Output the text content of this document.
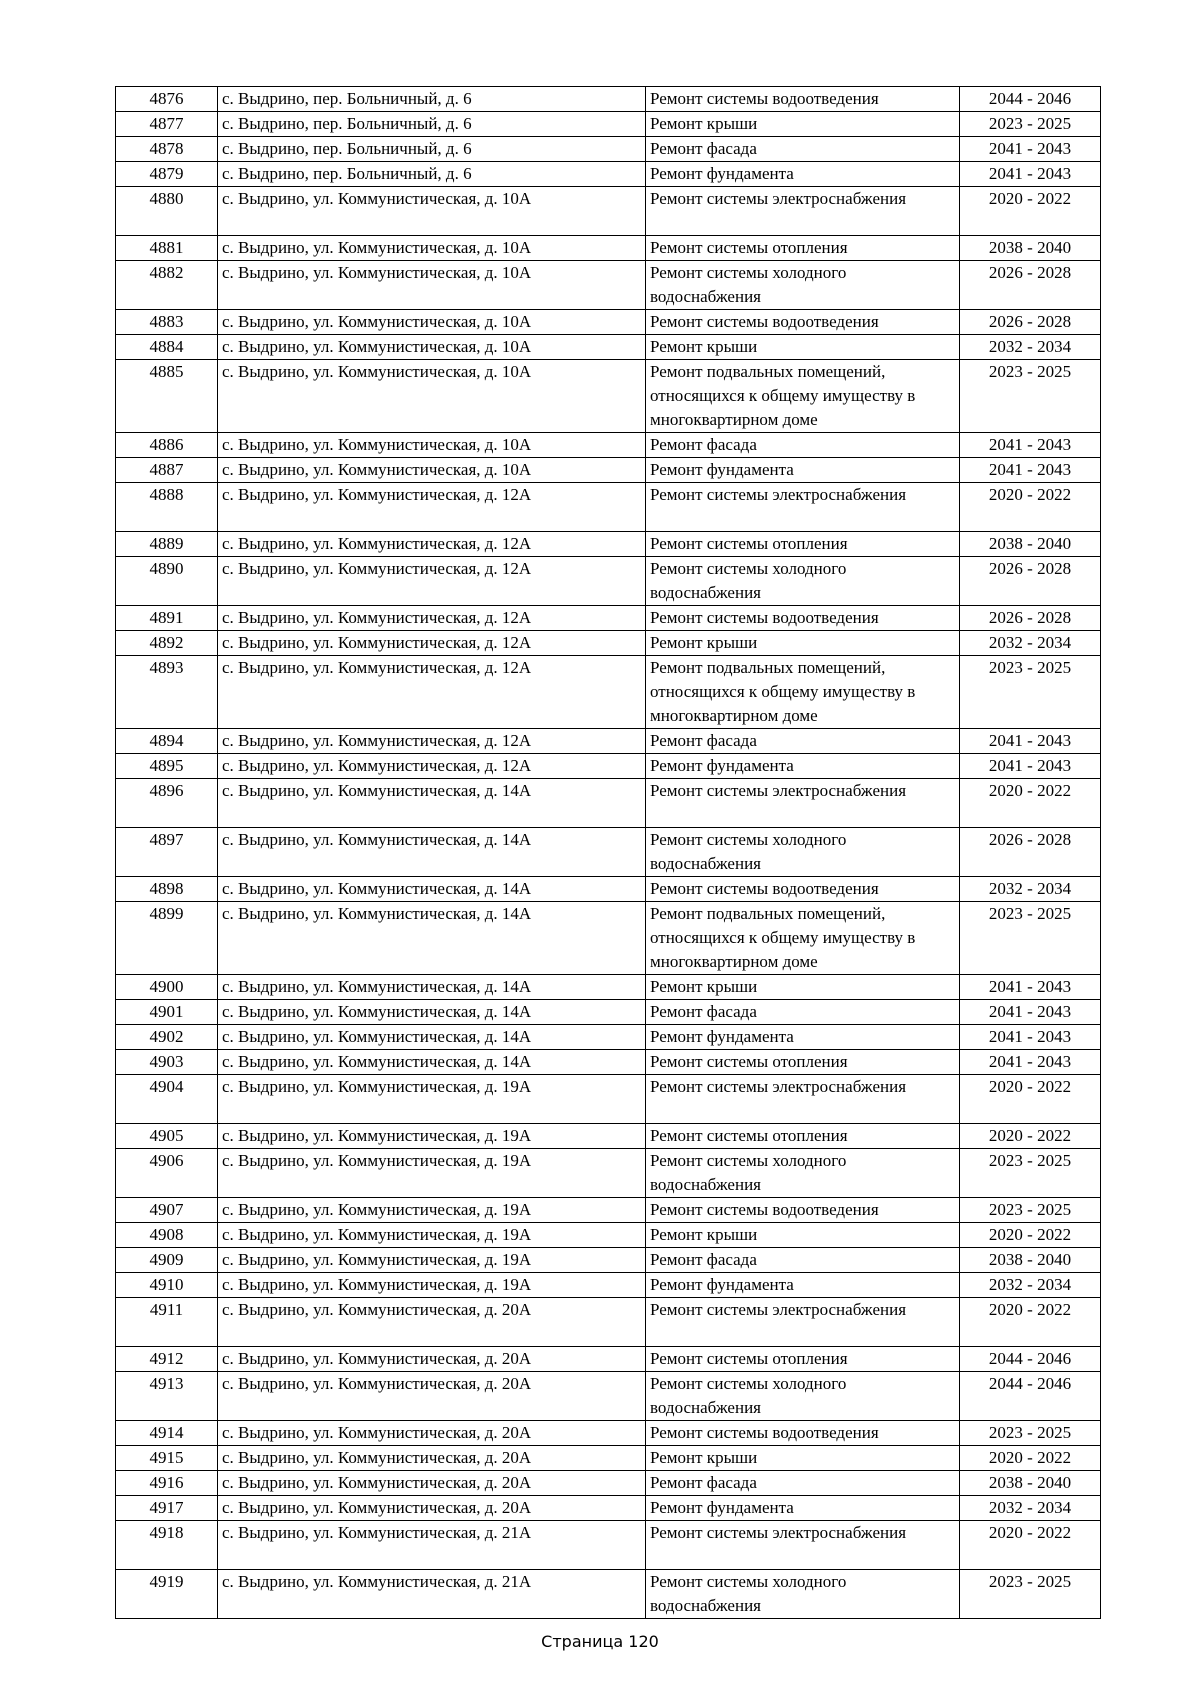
4876	с. Выдрино, пер. Больничный, д. 6	Ремонт системы водоотведения	2044 - 2046
4877	с. Выдрино, пер. Больничный, д. 6	Ремонт крыши	2023 - 2025
4878	с. Выдрино, пер. Больничный, д. 6	Ремонт фасада	2041 - 2043
4879	с. Выдрино, пер. Больничный, д. 6	Ремонт фундамента	2041 - 2043
4880	с. Выдрино, ул. Коммунистическая, д. 10А	Ремонт системы электроснабжения	2020 - 2022
4881	с. Выдрино, ул. Коммунистическая, д. 10А	Ремонт системы отопления	2038 - 2040
4882	с. Выдрино, ул. Коммунистическая, д. 10А	Ремонт системы холодного водоснабжения	2026 - 2028
4883	с. Выдрино, ул. Коммунистическая, д. 10А	Ремонт системы водоотведения	2026 - 2028
4884	с. Выдрино, ул. Коммунистическая, д. 10А	Ремонт крыши	2032 - 2034
4885	с. Выдрино, ул. Коммунистическая, д. 10А	Ремонт подвальных помещений, относящихся к общему имуществу в многоквартирном доме	2023 - 2025
4886	с. Выдрино, ул. Коммунистическая, д. 10А	Ремонт фасада	2041 - 2043
4887	с. Выдрино, ул. Коммунистическая, д. 10А	Ремонт фундамента	2041 - 2043
4888	с. Выдрино, ул. Коммунистическая, д. 12А	Ремонт системы электроснабжения	2020 - 2022
4889	с. Выдрино, ул. Коммунистическая, д. 12А	Ремонт системы отопления	2038 - 2040
4890	с. Выдрино, ул. Коммунистическая, д. 12А	Ремонт системы холодного водоснабжения	2026 - 2028
4891	с. Выдрино, ул. Коммунистическая, д. 12А	Ремонт системы водоотведения	2026 - 2028
4892	с. Выдрино, ул. Коммунистическая, д. 12А	Ремонт крыши	2032 - 2034
4893	с. Выдрино, ул. Коммунистическая, д. 12А	Ремонт подвальных помещений, относящихся к общему имуществу в многоквартирном доме	2023 - 2025
4894	с. Выдрино, ул. Коммунистическая, д. 12А	Ремонт фасада	2041 - 2043
4895	с. Выдрино, ул. Коммунистическая, д. 12А	Ремонт фундамента	2041 - 2043
4896	с. Выдрино, ул. Коммунистическая, д. 14А	Ремонт системы электроснабжения	2020 - 2022
4897	с. Выдрино, ул. Коммунистическая, д. 14А	Ремонт системы холодного водоснабжения	2026 - 2028
4898	с. Выдрино, ул. Коммунистическая, д. 14А	Ремонт системы водоотведения	2032 - 2034
4899	с. Выдрино, ул. Коммунистическая, д. 14А	Ремонт подвальных помещений, относящихся к общему имуществу в многоквартирном доме	2023 - 2025
4900	с. Выдрино, ул. Коммунистическая, д. 14А	Ремонт крыши	2041 - 2043
4901	с. Выдрино, ул. Коммунистическая, д. 14А	Ремонт фасада	2041 - 2043
4902	с. Выдрино, ул. Коммунистическая, д. 14А	Ремонт фундамента	2041 - 2043
4903	с. Выдрино, ул. Коммунистическая, д. 14А	Ремонт системы отопления	2041 - 2043
4904	с. Выдрино, ул. Коммунистическая, д. 19А	Ремонт системы электроснабжения	2020 - 2022
4905	с. Выдрино, ул. Коммунистическая, д. 19А	Ремонт системы отопления	2020 - 2022
4906	с. Выдрино, ул. Коммунистическая, д. 19А	Ремонт системы холодного водоснабжения	2023 - 2025
4907	с. Выдрино, ул. Коммунистическая, д. 19А	Ремонт системы водоотведения	2023 - 2025
4908	с. Выдрино, ул. Коммунистическая, д. 19А	Ремонт крыши	2020 - 2022
4909	с. Выдрино, ул. Коммунистическая, д. 19А	Ремонт фасада	2038 - 2040
4910	с. Выдрино, ул. Коммунистическая, д. 19А	Ремонт фундамента	2032 - 2034
4911	с. Выдрино, ул. Коммунистическая, д. 20А	Ремонт системы электроснабжения	2020 - 2022
4912	с. Выдрино, ул. Коммунистическая, д. 20А	Ремонт системы отопления	2044 - 2046
4913	с. Выдрино, ул. Коммунистическая, д. 20А	Ремонт системы холодного водоснабжения	2044 - 2046
4914	с. Выдрино, ул. Коммунистическая, д. 20А	Ремонт системы водоотведения	2023 - 2025
4915	с. Выдрино, ул. Коммунистическая, д. 20А	Ремонт крыши	2020 - 2022
4916	с. Выдрино, ул. Коммунистическая, д. 20А	Ремонт фасада	2038 - 2040
4917	с. Выдрино, ул. Коммунистическая, д. 20А	Ремонт фундамента	2032 - 2034
4918	с. Выдрино, ул. Коммунистическая, д. 21А	Ремонт системы электроснабжения	2020 - 2022
4919	с. Выдрино, ул. Коммунистическая, д. 21А	Ремонт системы холодного водоснабжения	2023 - 2025
Страница 120
